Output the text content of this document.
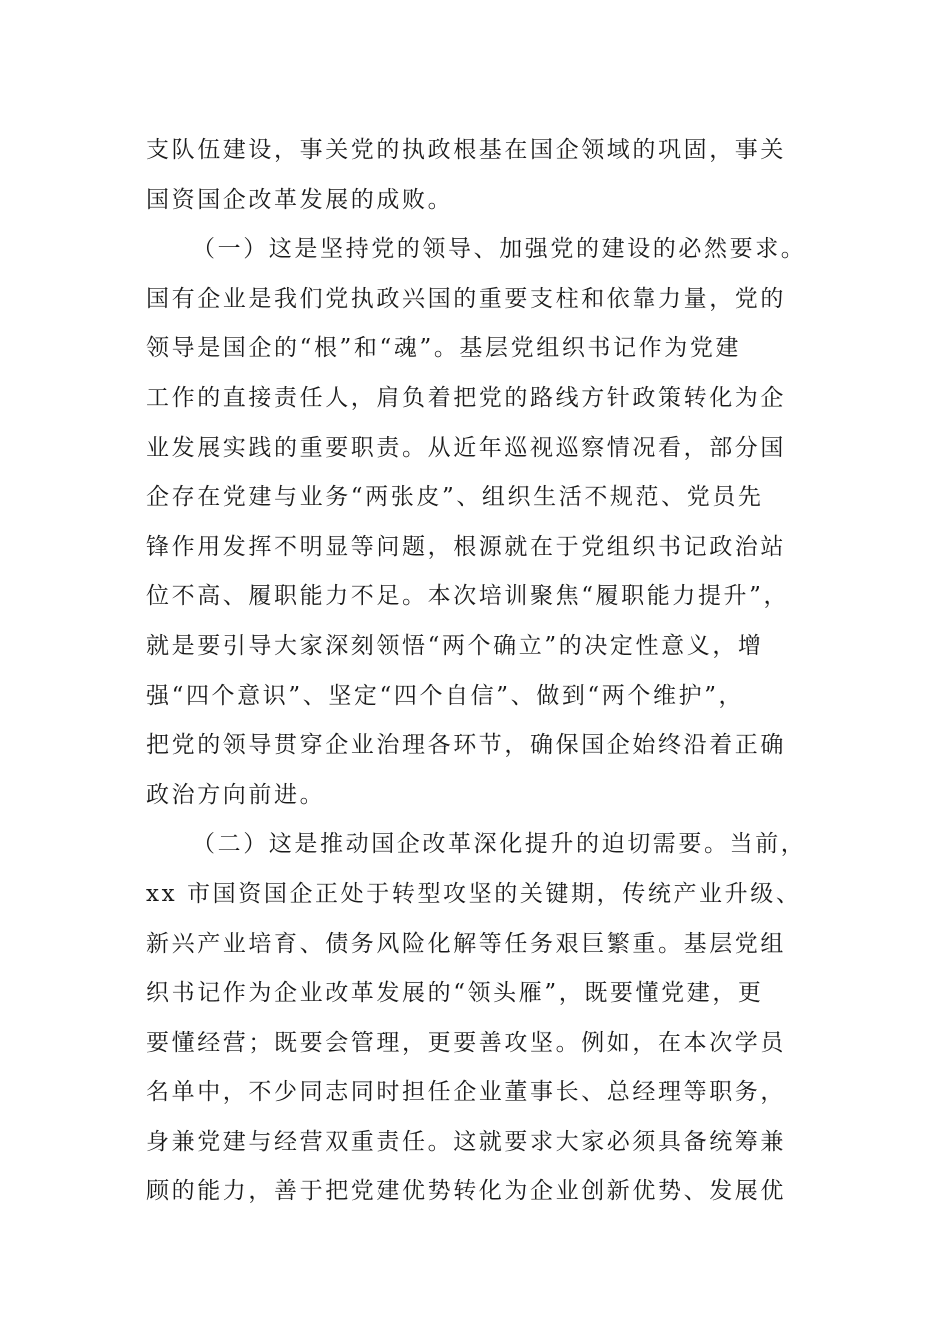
支队伍建设，事关党的执政根基在国企领域的巩固，事关
国资国企改革发展的成败。
（一）这是坚持党的领导、加强党的建设的必然要求。
国有企业是我们党执政兴国的重要支柱和依靠力量，党的
领导是国企的“根”和“魂”。基层党组织书记作为党建
工作的直接责任人，肩负着把党的路线方针政策转化为企
业发展实践的重要职责。从近年巡视巡察情况看，部分国
企存在党建与业务“两张皮”、组织生活不规范、党员先
锋作用发挥不明显等问题，根源就在于党组织书记政治站
位不高、履职能力不足。本次培训聚焦“履职能力提升”，
就是要引导大家深刻领悟“两个确立”的决定性意义，增
强“四个意识”、坚定“四个自信”、做到“两个维护”，
把党的领导贯穿企业治理各环节，确保国企始终沿着正确
政治方向前进。
（二）这是推动国企改革深化提升的迫切需要。当前，
xx 市国资国企正处于转型攻坚的关键期，传统产业升级、
新兴产业培育、债务风险化解等任务艰巨繁重。基层党组
织书记作为企业改革发展的“领头雁”，既要懂党建，更
要懂经营；既要会管理，更要善攻坚。例如，在本次学员
名单中，不少同志同时担任企业董事长、总经理等职务，
身兼党建与经营双重责任。这就要求大家必须具备统筹兼
顾的能力，善于把党建优势转化为企业创新优势、发展优
